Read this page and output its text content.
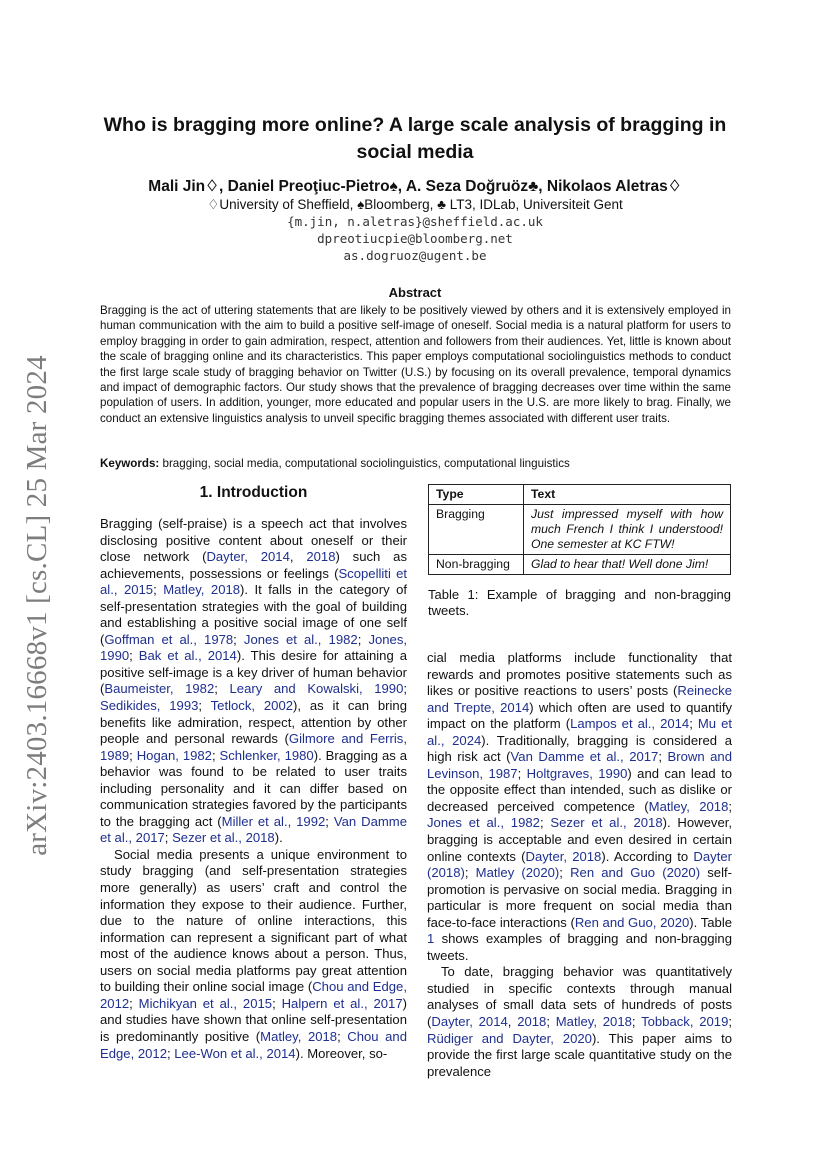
arXiv:2403.16668v1 [cs.CL] 25 Mar 2024
Who is bragging more online? A large scale analysis of bragging in
social media
Mali Jin♢, Daniel Preoţiuc-Pietro♠, A. Seza Doğruöz♣, Nikolaos Aletras♢
♢University of Sheffield, ♠Bloomberg, ♣ LT3, IDLab, Universiteit Gent
{m.jin, n.aletras}@sheffield.ac.uk
dpreotiucpie@bloomberg.net
as.dogruoz@ugent.be
Abstract
Bragging is the act of uttering statements that are likely to be positively viewed by others and it is extensively employed in human communication with the aim to build a positive self-image of oneself. Social media is a natural platform for users to employ bragging in order to gain admiration, respect, attention and followers from their audiences. Yet, little is known about the scale of bragging online and its characteristics. This paper employs computational sociolinguistics methods to conduct the first large scale study of bragging behavior on Twitter (U.S.) by focusing on its overall prevalence, temporal dynamics and impact of demographic factors. Our study shows that the prevalence of bragging decreases over time within the same population of users. In addition, younger, more educated and popular users in the U.S. are more likely to brag. Finally, we conduct an extensive linguistics analysis to unveil specific bragging themes associated with different user traits.
Keywords: bragging, social media, computational sociolinguistics, computational linguistics
1. Introduction

Bragging (self-praise) is a speech act that involves disclosing positive content about oneself or their close network (Dayter, 2014, 2018) such as achievements, possessions or feelings (Scopelliti et al., 2015; Matley, 2018). It falls in the category of self-presentation strategies with the goal of building and establishing a positive social image of one self (Goffman et al., 1978; Jones et al., 1982; Jones, 1990; Bak et al., 2014). This desire for attaining a positive self-image is a key driver of human behavior (Baumeister, 1982; Leary and Kowalski, 1990; Sedikides, 1993; Tetlock, 2002), as it can bring benefits like admiration, respect, attention by other people and personal rewards (Gilmore and Ferris, 1989; Hogan, 1982; Schlenker, 1980). Bragging as a behavior was found to be related to user traits including personality and it can differ based on communication strategies favored by the participants to the bragging act (Miller et al., 1992; Van Damme et al., 2017; Sezer et al., 2018).

Social media presents a unique environment to study bragging (and self-presentation strategies more generally) as users’ craft and control the information they expose to their audience. Further, due to the nature of online interactions, this information can represent a significant part of what most of the audience knows about a person. Thus, users on social media platforms pay great attention to building their online social image (Chou and Edge, 2012; Michikyan et al., 2015; Halpern et al., 2017) and studies have shown that online self-presentation is predominantly positive (Matley, 2018; Chou and Edge, 2012; Lee-Won et al., 2014). Moreover, so-

Type	Text
Bragging	Just impressed myself with how much French I think I understood! One semester at KC FTW!
Non-bragging	Glad to hear that! Well done Jim!
Table 1: Example of bragging and non-bragging tweets.

cial media platforms include functionality that rewards and promotes positive statements such as likes or positive reactions to users’ posts (Reinecke and Trepte, 2014) which often are used to quantify impact on the platform (Lampos et al., 2014; Mu et al., 2024). Traditionally, bragging is considered a high risk act (Van Damme et al., 2017; Brown and Levinson, 1987; Holtgraves, 1990) and can lead to the opposite effect than intended, such as dislike or decreased perceived competence (Matley, 2018; Jones et al., 1982; Sezer et al., 2018). However, bragging is acceptable and even desired in certain online contexts (Dayter, 2018). According to Dayter (2018); Matley (2020); Ren and Guo (2020) self-promotion is pervasive on social media. Bragging in particular is more frequent on social media than face-to-face interactions (Ren and Guo, 2020). Table 1 shows examples of bragging and non-bragging tweets.

To date, bragging behavior was quantitatively studied in specific contexts through manual analyses of small data sets of hundreds of posts (Dayter, 2014, 2018; Matley, 2018; Tobback, 2019; Rüdiger and Dayter, 2020). This paper aims to provide the first large scale quantitative study on the prevalence
